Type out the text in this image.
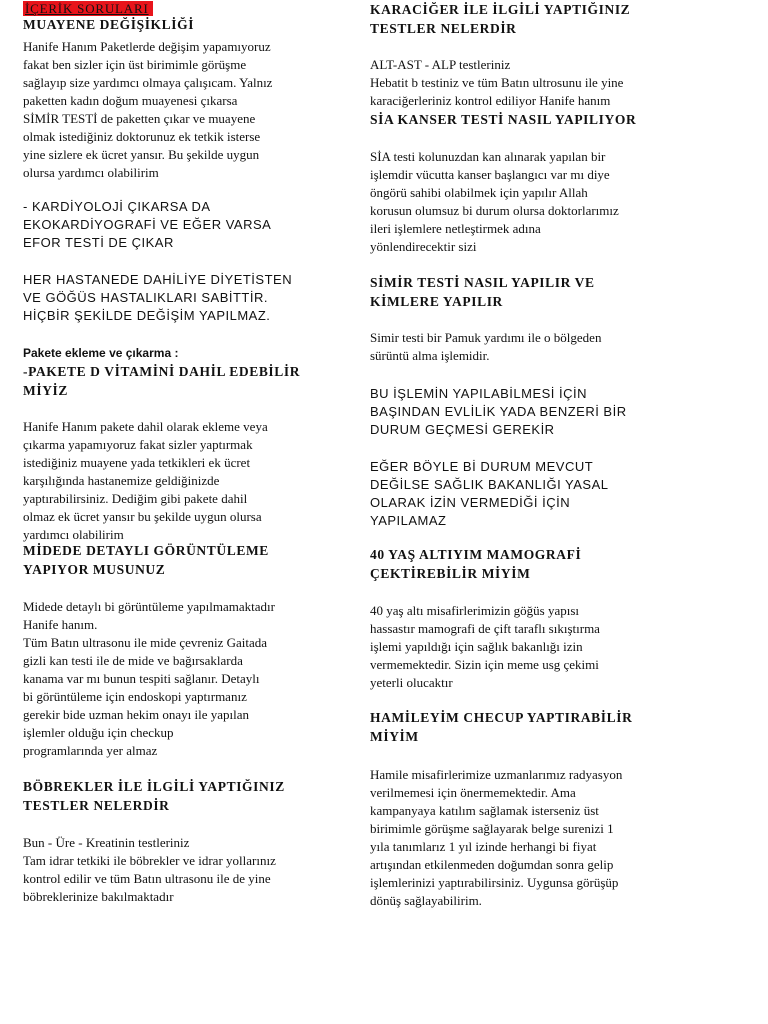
İÇERİK SORULARI
MUAYENE DEĞİŞİKLİĞİ
Hanife Hanım Paketlerde değişim yapamıyoruz
fakat ben sizler için üst birimimle görüşme
sağlayıp size yardımcı olmaya çalışıcam. Yalnız
paketten kadın doğum muayenesi çıkarsa
SİMİR TESTİ de paketten çıkar ve muayene
olmak istediğiniz doktorunuz ek tetkik isterse
yine sizlere ek ücret yansır. Bu şekilde uygun
olursa yardımcı olabilirim
- KARDİYOLOJİ ÇIKARSA DA
EKOKARDİYOGRAFİ VE EĞER VARSA
EFOR TESTİ DE ÇIKAR
HER HASTANEDE DAHİLİYE DİYETİSTEN
VE GÖĞÜS HASTALIKLARI SABİTTİR.
HİÇBİR ŞEKİLDE DEĞİŞİM YAPILMAZ.
Pakete ekleme ve çıkarma :
-PAKETE D VİTAMİNİ DAHİL EDEBİLİR
MİYİZ
Hanife Hanım pakete dahil olarak ekleme veya
çıkarma yapamıyoruz fakat sizler yaptırmak
istediğiniz muayene yada tetkikleri ek ücret
karşılığında hastanemize geldiğinizde
yaptırabilirsiniz. Dediğim gibi pakete dahil
olmaz ek ücret yansır bu şekilde uygun olursa
yardımcı olabilirim
MİDEDE DETAYLI GÖRÜNTÜLEME
YAPIYOR MUSUNUZ
Midede detaylı bi görüntüleme yapılmamaktadır
Hanife hanım.
Tüm Batın ultrasonu ile mide çevreniz Gaitada
gizli kan testi ile de mide ve bağırsaklarda
kanama var mı bunun tespiti sağlanır. Detaylı
bi görüntüleme için endoskopi yaptırmanız
gerekir bide uzman hekim onayı ile yapılan
işlemler olduğu için checkup
programlarında yer almaz
BÖBREKLER İLE İLGİLİ YAPTIĞINIZ
TESTLER NELERDİR
Bun - Üre - Kreatinin testleriniz
Tam idrar tetkiki ile böbrekler ve idrar yollarınız
kontrol edilir ve tüm Batın ultrasonu ile de yine
böbreklerinize bakılmaktadır
KARACİĞER İLE İLGİLİ YAPTIĞINIZ
TESTLER NELERDİR
ALT-AST - ALP testleriniz
Hebatit b testiniz ve tüm Batın ultrosunu ile yine
karaciğerleriniz kontrol ediliyor Hanife hanım
SİA KANSER TESTİ NASIL YAPILIYOR
SİA testi kolunuzdan kan alınarak yapılan bir
işlemdir vücutta kanser başlangıcı var mı diye
öngörü sahibi olabilmek için yapılır Allah
korusun olumsuz bi durum olursa doktorlarımız
ileri işlemlere netleştirmek adına
yönlendirecektir sizi
SİMİR TESTİ NASIL YAPILIR VE
KİMLERE YAPILIR
Simir testi bir Pamuk yardımı ile o bölgeden
sürüntü alma işlemidir.
BU İŞLEMİN YAPILABİLMESİ İÇİN
BAŞINDAN EVLİLİK YADA BENZERİ BİR
DURUM GEÇMESİ GEREKİR
EĞER BÖYLE Bİ DURUM MEVCUT
DEĞİLSE SAĞLIK BAKANLIĞI YASAL
OLARAK İZİN VERMEDİĞİ İÇİN
YAPILAMAZ
40 YAŞ ALTIYIM MAMOGRAFİ
ÇEKTİREBİLİR MİYİM
40 yaş altı misafirlerimizin göğüs yapısı
hassastır mamografi de çift taraflı sıkıştırma
işlemi yapıldığı için sağlık bakanlığı izin
vermemektedir. Sizin için meme usg çekimi
yeterli olucaktır
HAMİLEYİM CHECUP YAPTIRABİLİR
MİYİM
Hamile misafirlerimize uzmanlarımız radyasyon
verilmemesi için önermemektedir. Ama
kampanyaya katılım sağlamak isterseniz üst
birimimle görüşme sağlayarak belge surenizi 1
yıla tanımlarız 1 yıl izinde herhangi bi fiyat
artışından etkilenmeden doğumdan sonra gelip
işlemlerinizi yaptırabilirsiniz. Uygunsa görüşüp
dönüş sağlayabilirim.
